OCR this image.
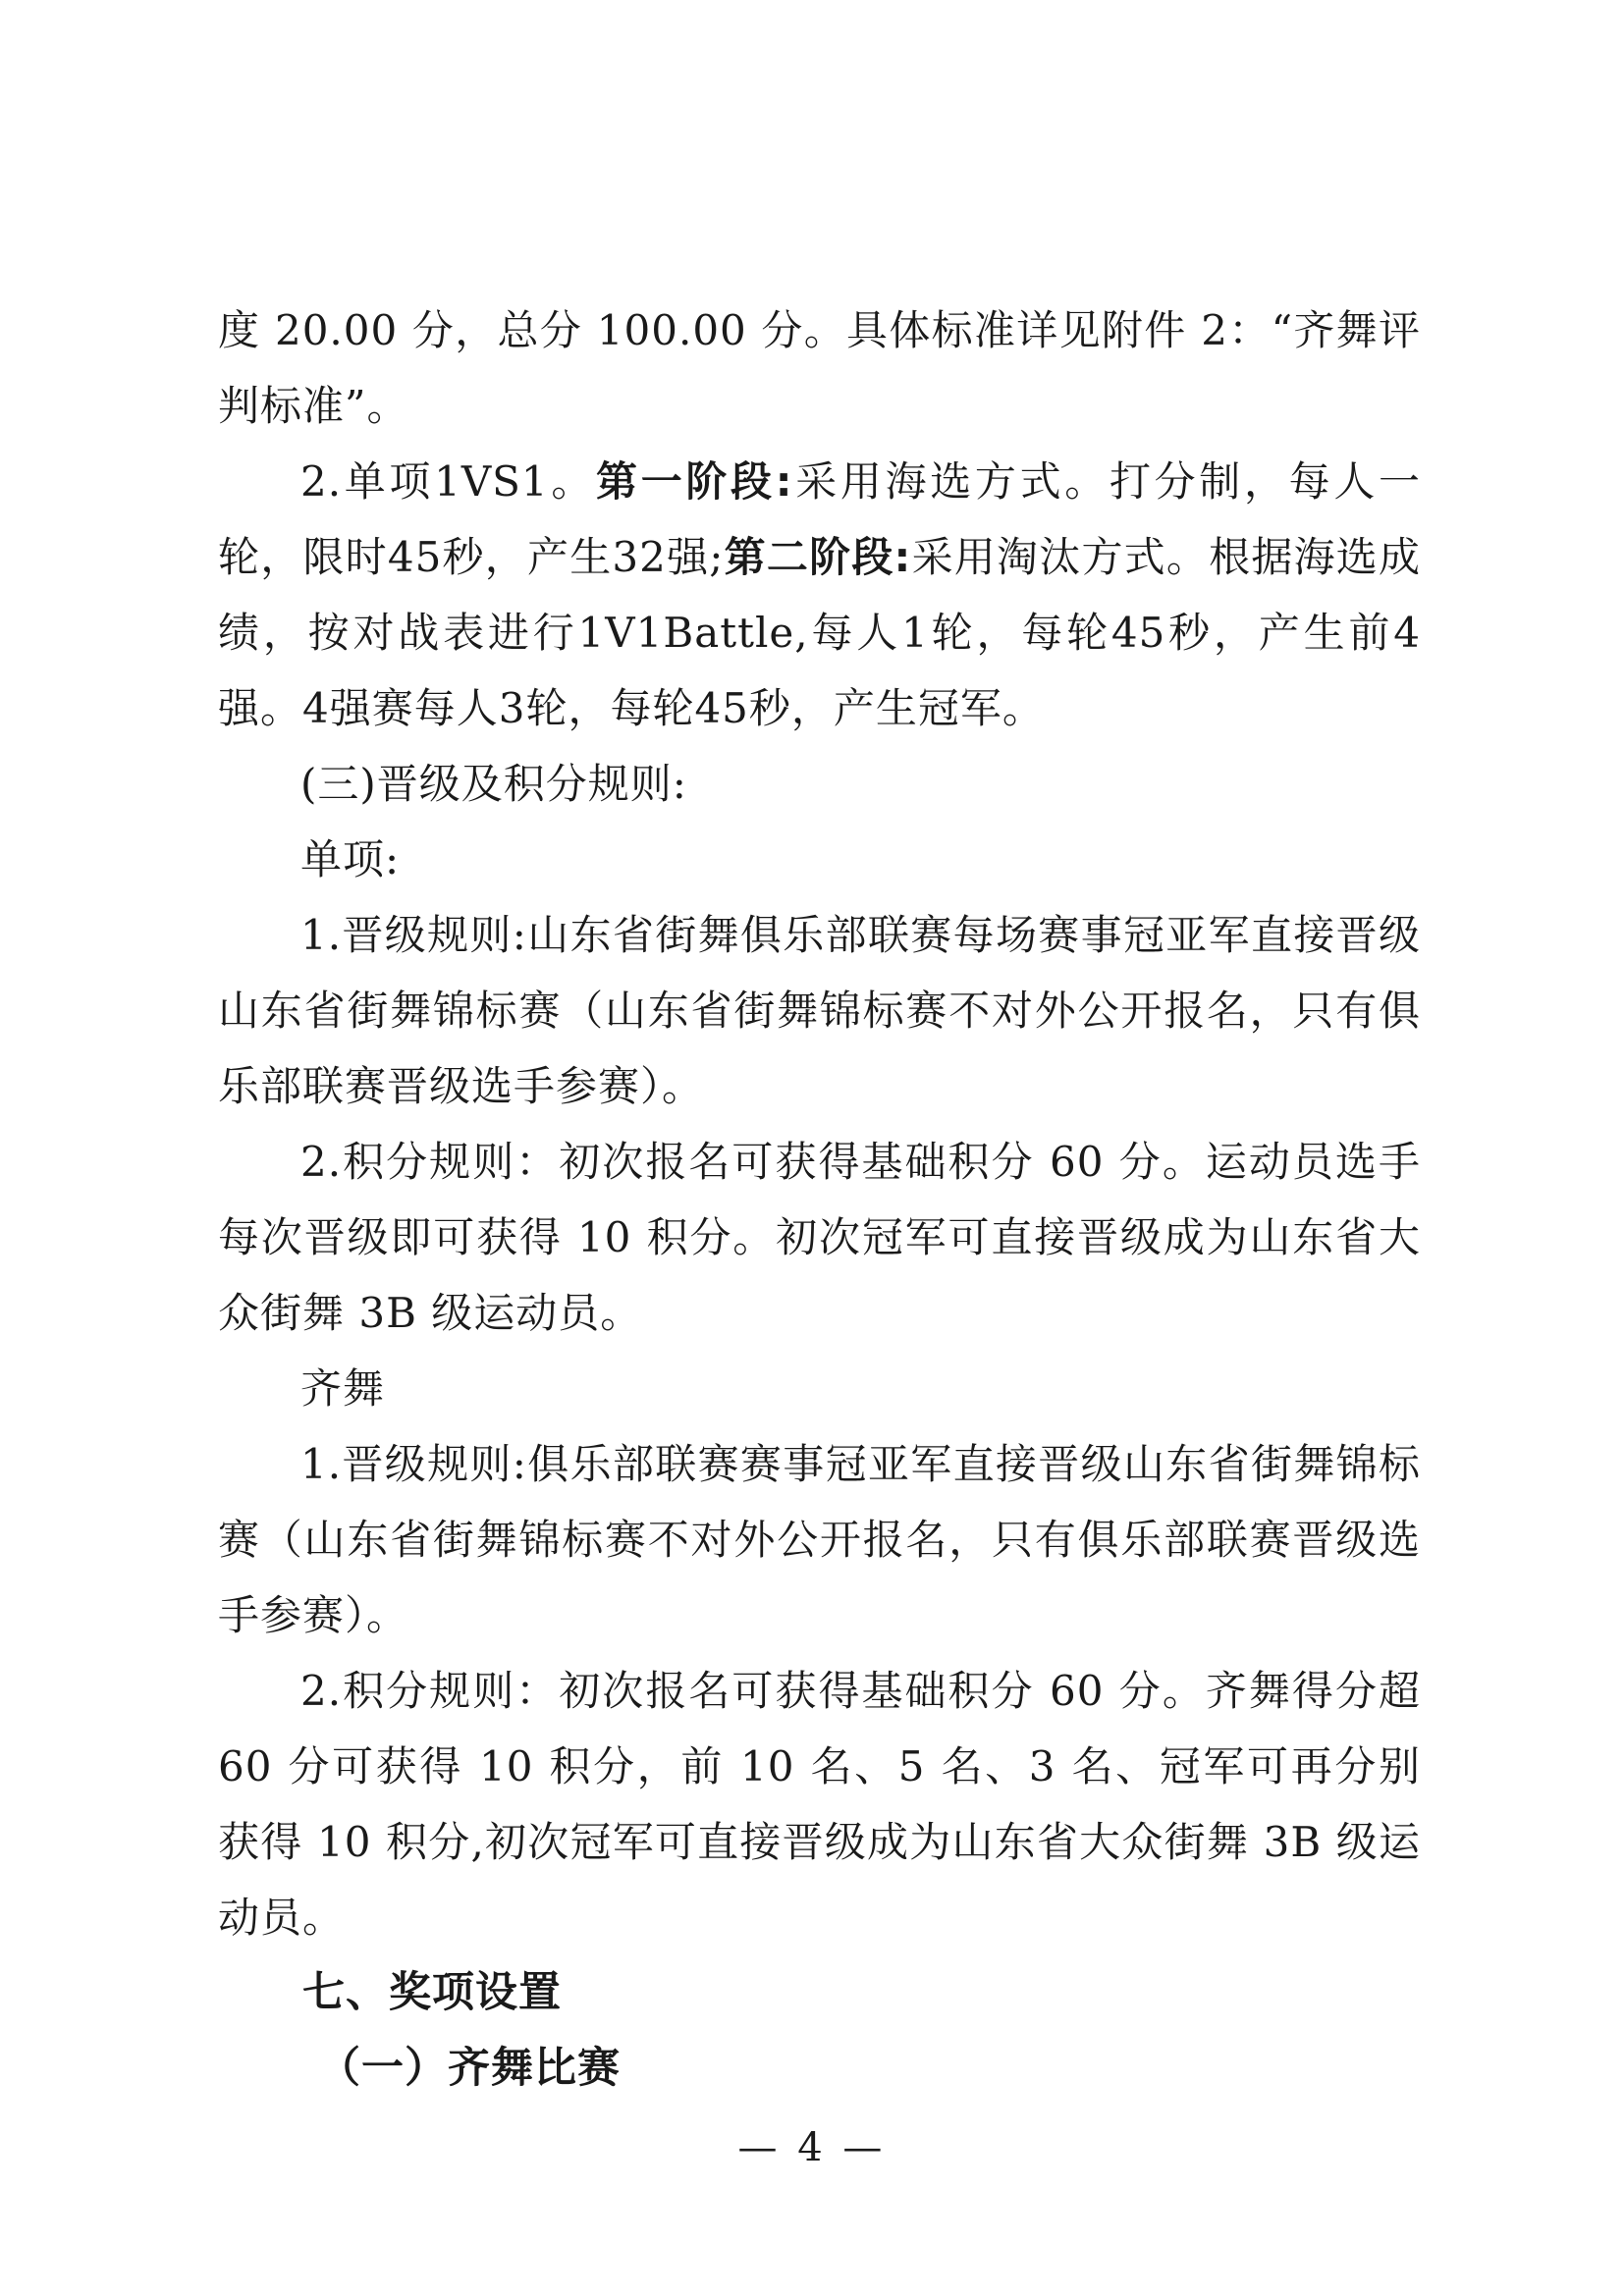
度 20.00 分，总分 100.00 分。具体标准详见附件 2：“齐舞评判标准”。

2.单项1VS1。第一阶段:采用海选方式。打分制，每人一轮，限时45秒，产生32强;第二阶段:采用淘汰方式。根据海选成绩，按对战表进行1V1Battle,每人1轮，每轮45秒，产生前4强。4强赛每人3轮，每轮45秒，产生冠军。

(三)晋级及积分规则:

单项:

1.晋级规则:山东省街舞俱乐部联赛每场赛事冠亚军直接晋级山东省街舞锦标赛（山东省街舞锦标赛不对外公开报名，只有俱乐部联赛晋级选手参赛）。

2.积分规则：初次报名可获得基础积分 60 分。运动员选手每次晋级即可获得 10 积分。初次冠军可直接晋级成为山东省大众街舞 3B 级运动员。

齐舞

1.晋级规则:俱乐部联赛赛事冠亚军直接晋级山东省街舞锦标赛（山东省街舞锦标赛不对外公开报名，只有俱乐部联赛晋级选手参赛）。

2.积分规则：初次报名可获得基础积分 60 分。齐舞得分超 60 分可获得 10 积分，前 10 名、5 名、3 名、冠军可再分别获得 10 积分,初次冠军可直接晋级成为山东省大众街舞 3B 级运动员。

七、奖项设置

（一）齐舞比赛

— 4 —
